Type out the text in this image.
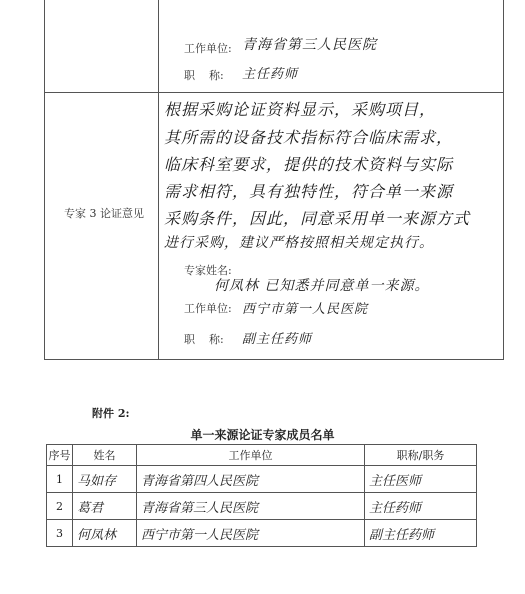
工作单位: 青海省第三人民医院
职    称: 主任药师
专家 3 论证意见
根据采购论证资料显示，采购项目，
其所需的设备技术指标符合临床需求，
临床科室要求，提供的技术资料与实际
需求相符，具有独特性，符合单一来源
采购条件，因此，同意采用单一来源方式
进行采购，建议严格按照相关规定执行。
专家姓名:
何凤林 已知悉并同意单一来源。
工作单位: 西宁市第一人民医院
职    称: 副主任药师
附件 2:
单一来源论证专家成员名单
序号	姓名	工作单位	职称/职务
1	马如存	青海省第四人民医院	主任医师
2	葛君	青海省第三人民医院	主任药师
3	何凤林	西宁市第一人民医院	副主任药师
